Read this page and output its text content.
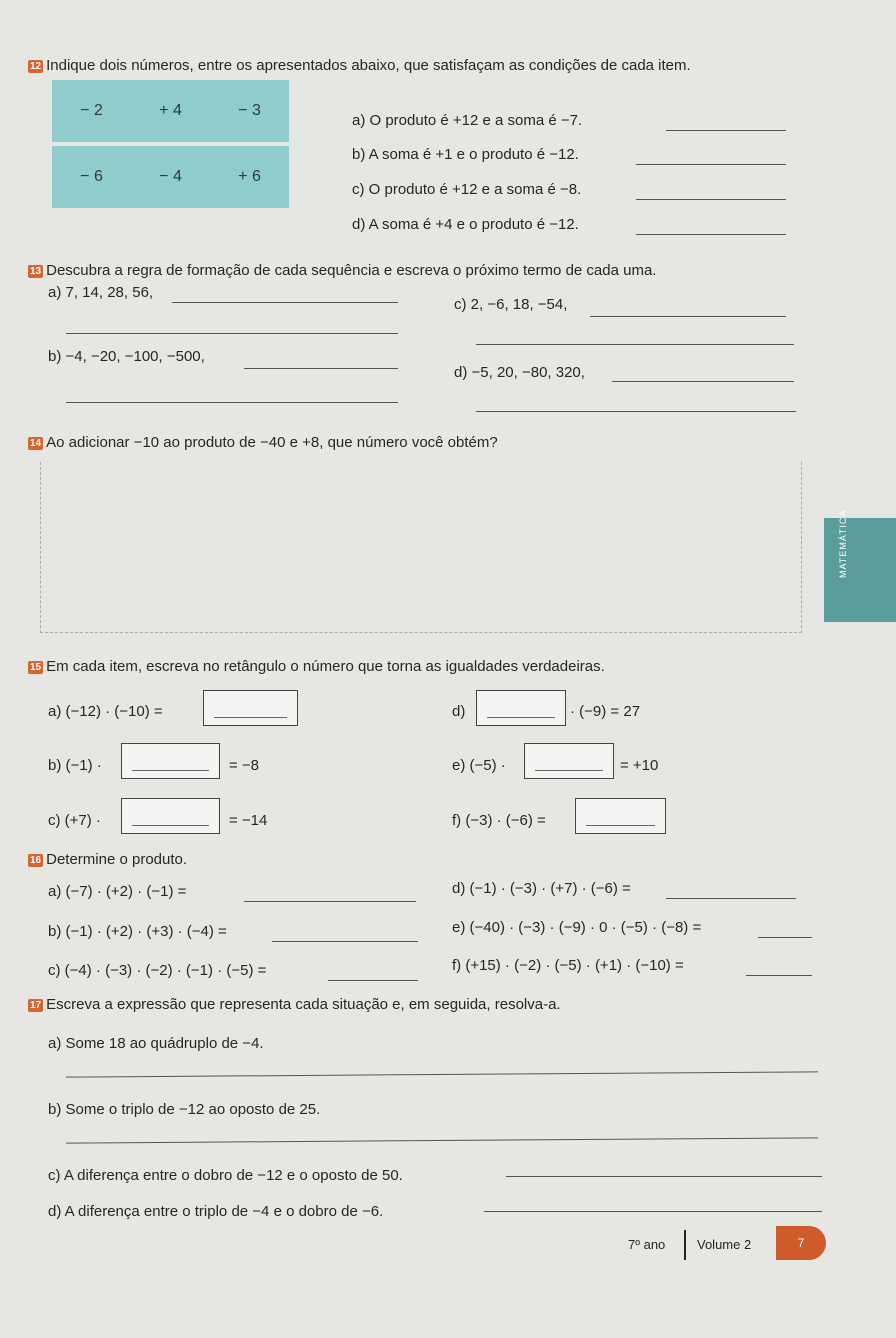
12 Indique dois números, entre os apresentados abaixo, que satisfaçam as condições de cada item.
− 2	+ 4	− 3
− 6	− 4	+ 6
a) O produto é +12 e a soma é −7.
b) A soma é +1 e o produto é −12.
c) O produto é +12 e a soma é −8.
d) A soma é +4 e o produto é −12.
13 Descubra a regra de formação de cada sequência e escreva o próximo termo de cada uma.
a) 7, 14, 28, 56,
b) −4, −20, −100, −500,
c) 2, −6, 18, −54,
d) −5, 20, −80, 320,
14 Ao adicionar −10 ao produto de −40 e +8, que número você obtém?
MATEMÁTICA
15 Em cada item, escreva no retângulo o número que torna as igualdades verdadeiras.
a) (−12) · (−10) =
b) (−1) ·	= −8
c) (+7) ·	= −14
d)	· (−9) = 27
e) (−5) ·	= +10
f) (−3) · (−6) =
16 Determine o produto.
a) (−7) · (+2) · (−1) =
b) (−1) · (+2) · (+3) · (−4) =
c) (−4) · (−3) · (−2) · (−1) · (−5) =
d) (−1) · (−3) · (+7) · (−6) =
e) (−40) · (−3) · (−9) · 0 · (−5) · (−8) =
f) (+15) · (−2) · (−5) · (+1) · (−10) =
17 Escreva a expressão que representa cada situação e, em seguida, resolva-a.
a) Some 18 ao quádruplo de −4.
b) Some o triplo de −12 ao oposto de 25.
c) A diferença entre o dobro de −12 e o oposto de 50.
d) A diferença entre o triplo de −4 e o dobro de −6.
7º ano Volume 2	7
